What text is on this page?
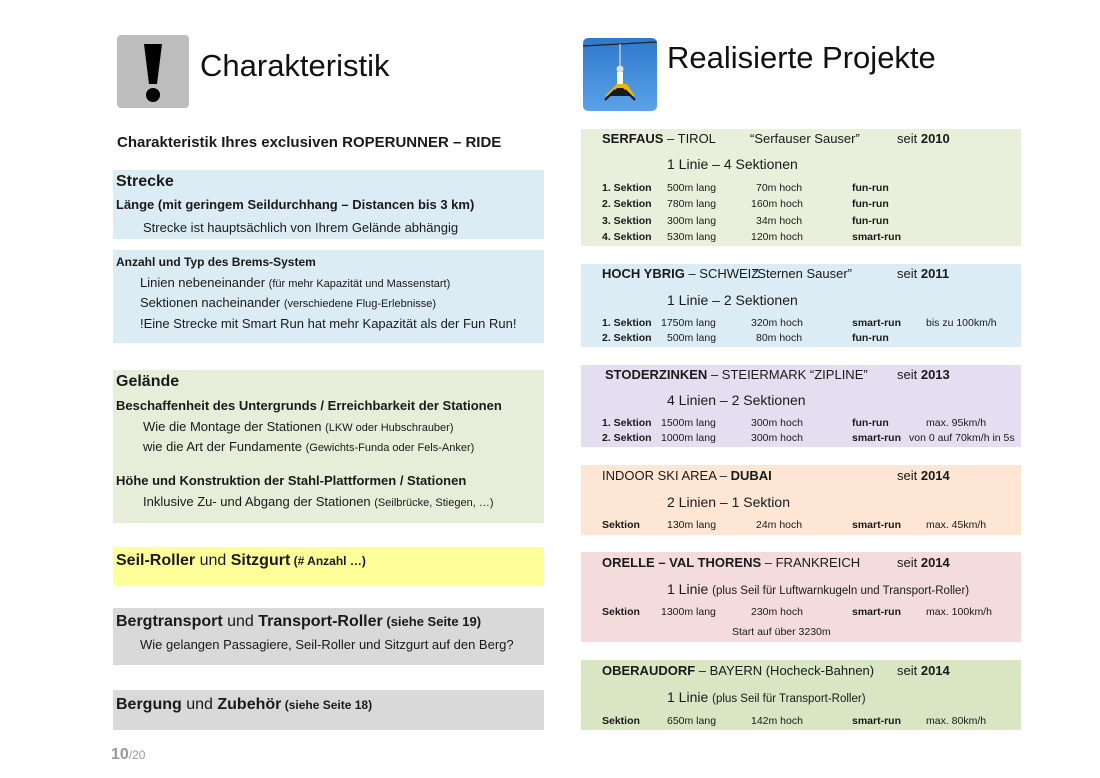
Charakteristik
Charakteristik Ihres exclusiven ROPERUNNER – RIDE
Strecke
Länge (mit geringem Seildurchhang – Distancen bis 3 km)
Strecke ist hauptsächlich von Ihrem Gelände abhängig
Anzahl und Typ des Brems-System
Linien nebeneinander (für mehr Kapazität und Massenstart)
Sektionen nacheinander (verschiedene Flug-Erlebnisse)
!Eine Strecke mit Smart Run hat mehr Kapazität als der Fun Run!
Gelände
Beschaffenheit des Untergrunds / Erreichbarkeit der Stationen
Wie die Montage der Stationen (LKW oder Hubschrauber)
wie die Art der Fundamente (Gewichts-Funda oder Fels-Anker)
Höhe und Konstruktion der Stahl-Plattformen / Stationen
Inklusive Zu- und Abgang der Stationen (Seilbrücke, Stiegen, …)
Seil-Roller und Sitzgurt (# Anzahl …)
Bergtransport und Transport-Roller (siehe Seite 19)
Wie gelangen Passagiere, Seil-Roller und Sitzgurt auf den Berg?
Bergung und Zubehör (siehe Seite 18)
10/20
Realisierte Projekte
SERFAUS – TIROL	“Serfauser Sauser”	seit 2010
1 Linie – 4 Sektionen
1. Sektion 500m lang	70m hoch	fun-run
2. Sektion 780m lang	160m hoch	fun-run
3. Sektion 300m lang	34m hoch	fun-run
4. Sektion 530m lang	120m hoch	smart-run
HOCH YBRIG – SCHWEIZ
“Sternen Sauser”	seit 2011
1 Linie – 2 Sektionen
1. Sektion 1750m lang	320m hoch	smart-run bis zu 100km/h
2. Sektion 500m lang	80m hoch	fun-run
STODERZINKEN – STEIERMARK “ZIPLINE” seit 2013
4 Linien – 2 Sektionen
1. Sektion 1500m lang	300m hoch	fun-run	max. 95km/h
2. Sektion 1000m lang	300m hoch	smart-run von 0 auf 70km/h in 5s
INDOOR SKI AREA – DUBAI	seit 2014
2 Linien – 1 Sektion
Sektion	130m lang	24m hoch	smart-run max. 45km/h
ORELLE – VAL THORENS – FRANKREICH	seit 2014
1 Linie (plus Seil für Luftwarnkugeln und Transport-Roller)
Sektion 1300m lang	230m hoch	smart-run max. 100km/h
Start auf über 3230m
OBERAUDORF – BAYERN (Hocheck-Bahnen) seit 2014
1 Linie (plus Seil für Transport-Roller)
Sektion	650m lang	142m hoch	smart-run max. 80km/h
